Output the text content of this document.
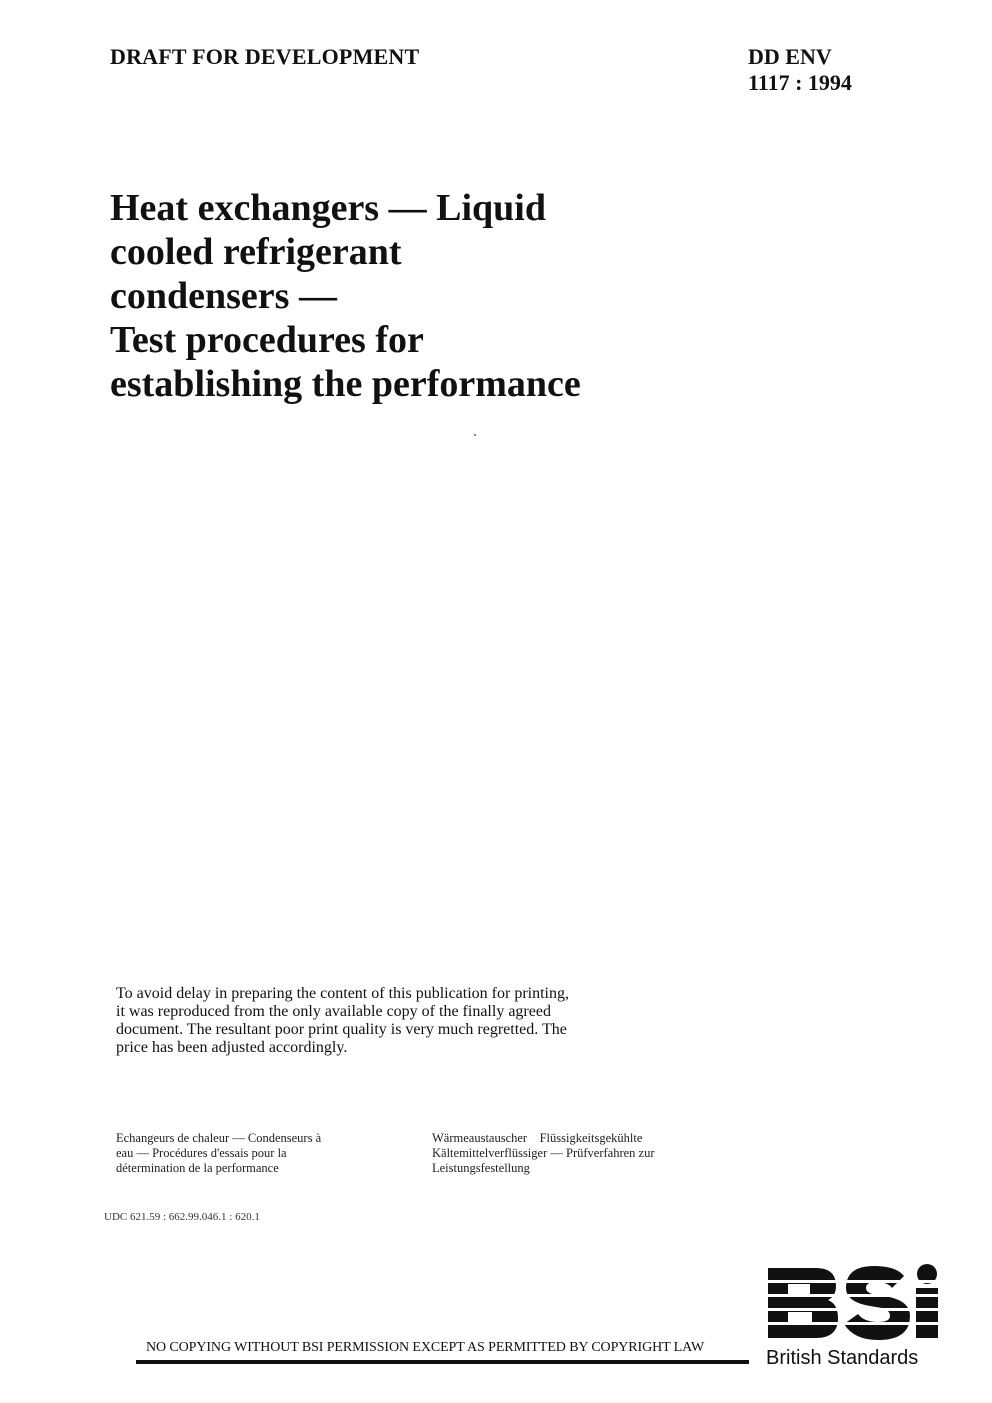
DRAFT FOR DEVELOPMENT	DD ENV
1117 : 1994
Heat exchangers — Liquid
cooled refrigerant
condensers —
Test procedures for
establishing the performance
To avoid delay in preparing the content of this publication for printing,
it was reproduced from the only available copy of the finally agreed
document. The resultant poor print quality is very much regretted. The
price has been adjusted accordingly.
Echangeurs de chaleur — Condenseurs à
eau — Procédures d'essais pour la
détermination de la performance
Wärmeaustauscher    Flüssigkeitsgekühlte
Kältemittelverflüssiger — Prüfverfahren zur
Leistungsfestellung
UDC 621.59 : 662.99.046.1 : 620.1
NO COPYING WITHOUT BSI PERMISSION EXCEPT AS PERMITTED BY COPYRIGHT LAW	British Standards
